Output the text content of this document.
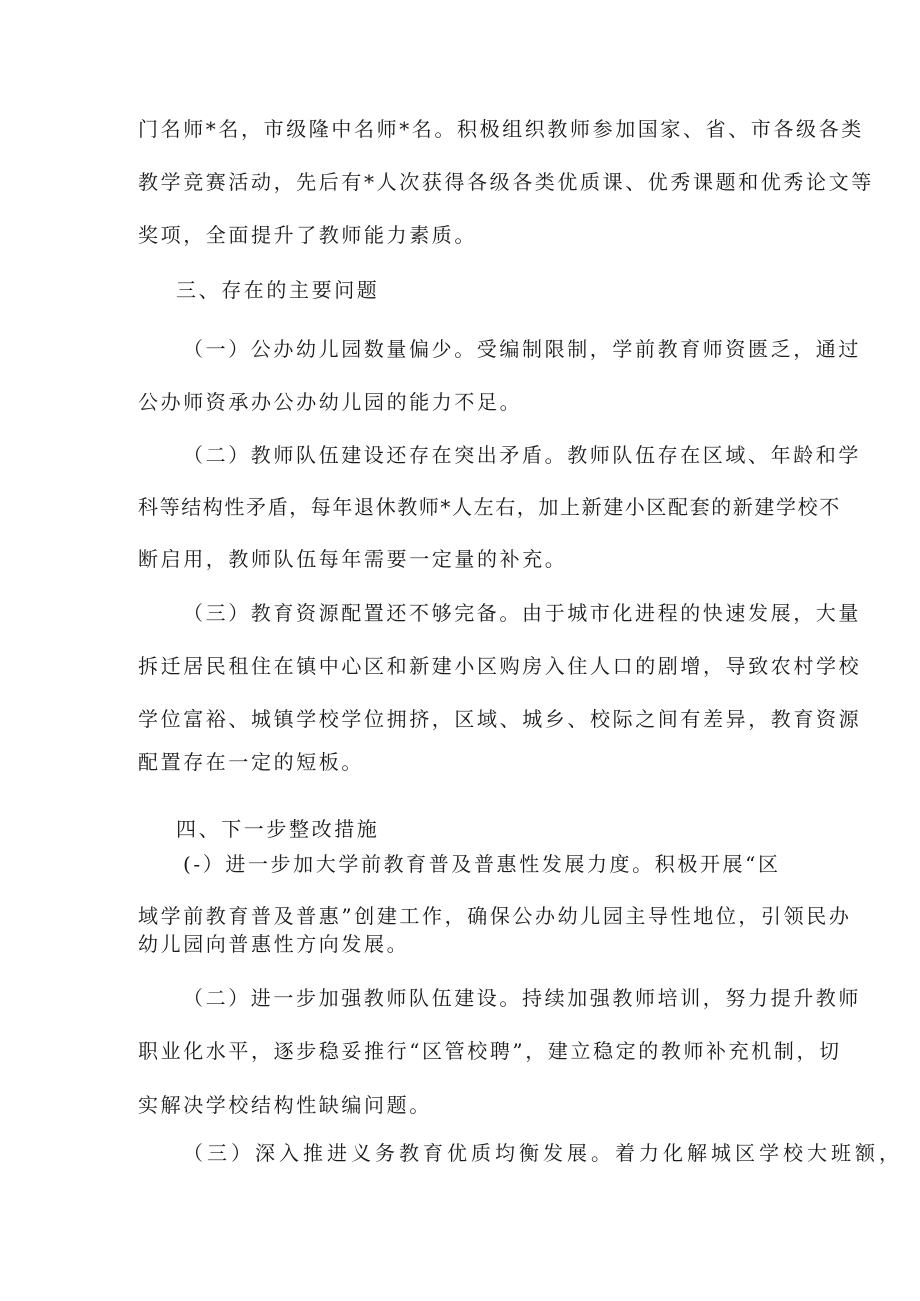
门名师*名，市级隆中名师*名。积极组织教师参加国家、省、市各级各类
教学竞赛活动，先后有*人次获得各级各类优质课、优秀课题和优秀论文等
奖项，全面提升了教师能力素质。
三、存在的主要问题
（一）公办幼儿园数量偏少。受编制限制，学前教育师资匮乏，通过
公办师资承办公办幼儿园的能力不足。
（二）教师队伍建设还存在突出矛盾。教师队伍存在区域、年龄和学
科等结构性矛盾，每年退休教师*人左右，加上新建小区配套的新建学校不
断启用，教师队伍每年需要一定量的补充。
（三）教育资源配置还不够完备。由于城市化进程的快速发展，大量
拆迁居民租住在镇中心区和新建小区购房入住人口的剧增，导致农村学校
学位富裕、城镇学校学位拥挤，区域、城乡、校际之间有差异，教育资源
配置存在一定的短板。
四、下一步整改措施
(-）进一步加大学前教育普及普惠性发展力度。积极开展“区
域学前教育普及普惠”创建工作，确保公办幼儿园主导性地位，引领民办
幼儿园向普惠性方向发展。
（二）进一步加强教师队伍建设。持续加强教师培训，努力提升教师
职业化水平，逐步稳妥推行“区管校聘”，建立稳定的教师补充机制，切
实解决学校结构性缺编问题。
（三）深入推进义务教育优质均衡发展。着力化解城区学校大班额，
